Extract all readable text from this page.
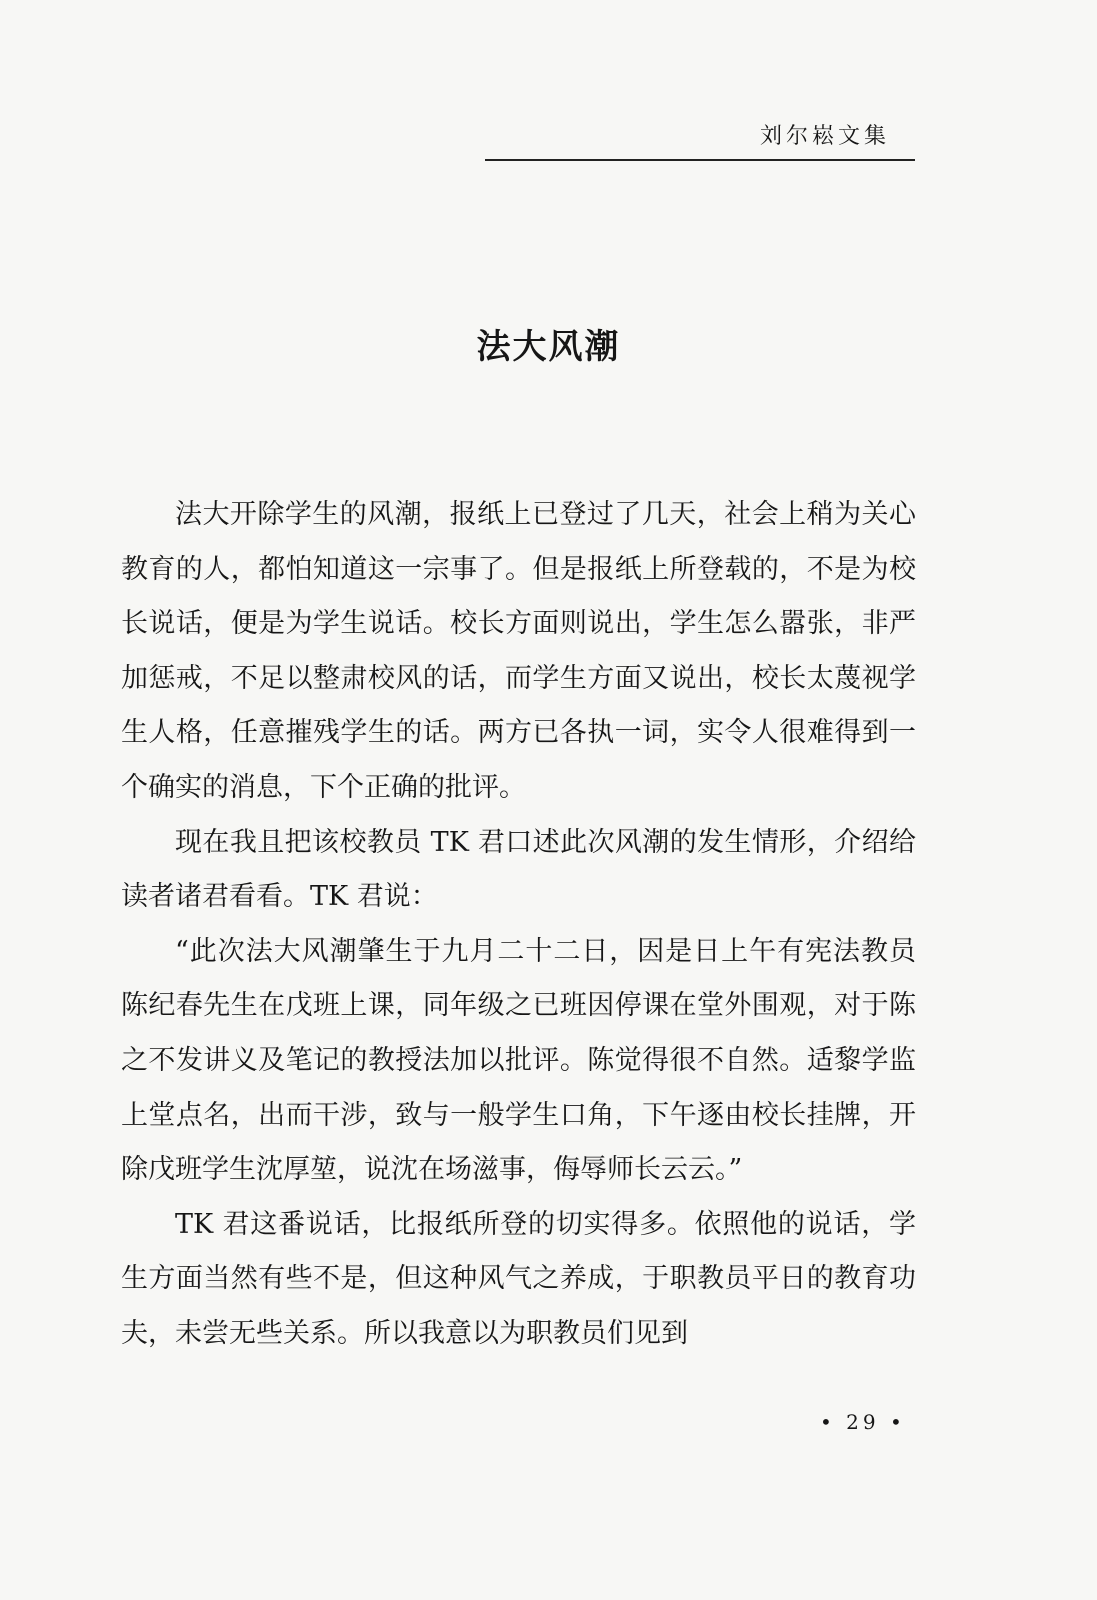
刘尔崧文集
法大风潮

法大开除学生的风潮，报纸上已登过了几天，社会上稍为关心教育的人，都怕知道这一宗事了。但是报纸上所登载的，不是为校长说话，便是为学生说话。校长方面则说出，学生怎么嚣张，非严加惩戒，不足以整肃校风的话，而学生方面又说出，校长太蔑视学生人格，任意摧残学生的话。两方已各执一词，实令人很难得到一个确实的消息，下个正确的批评。

现在我且把该校教员 TK 君口述此次风潮的发生情形，介绍给读者诸君看看。TK 君说：

“此次法大风潮肇生于九月二十二日，因是日上午有宪法教员陈纪春先生在戊班上课，同年级之已班因停课在堂外围观，对于陈之不发讲义及笔记的教授法加以批评。陈觉得很不自然。适黎学监上堂点名，出而干涉，致与一般学生口角，下午逐由校长挂牌，开除戊班学生沈厚堃，说沈在场滋事，侮辱师长云云。”

TK 君这番说话，比报纸所登的切实得多。依照他的说话，学生方面当然有些不是，但这种风气之养成，于职教员平日的教育功夫，未尝无些关系。所以我意以为职教员们见到

• 29 •
